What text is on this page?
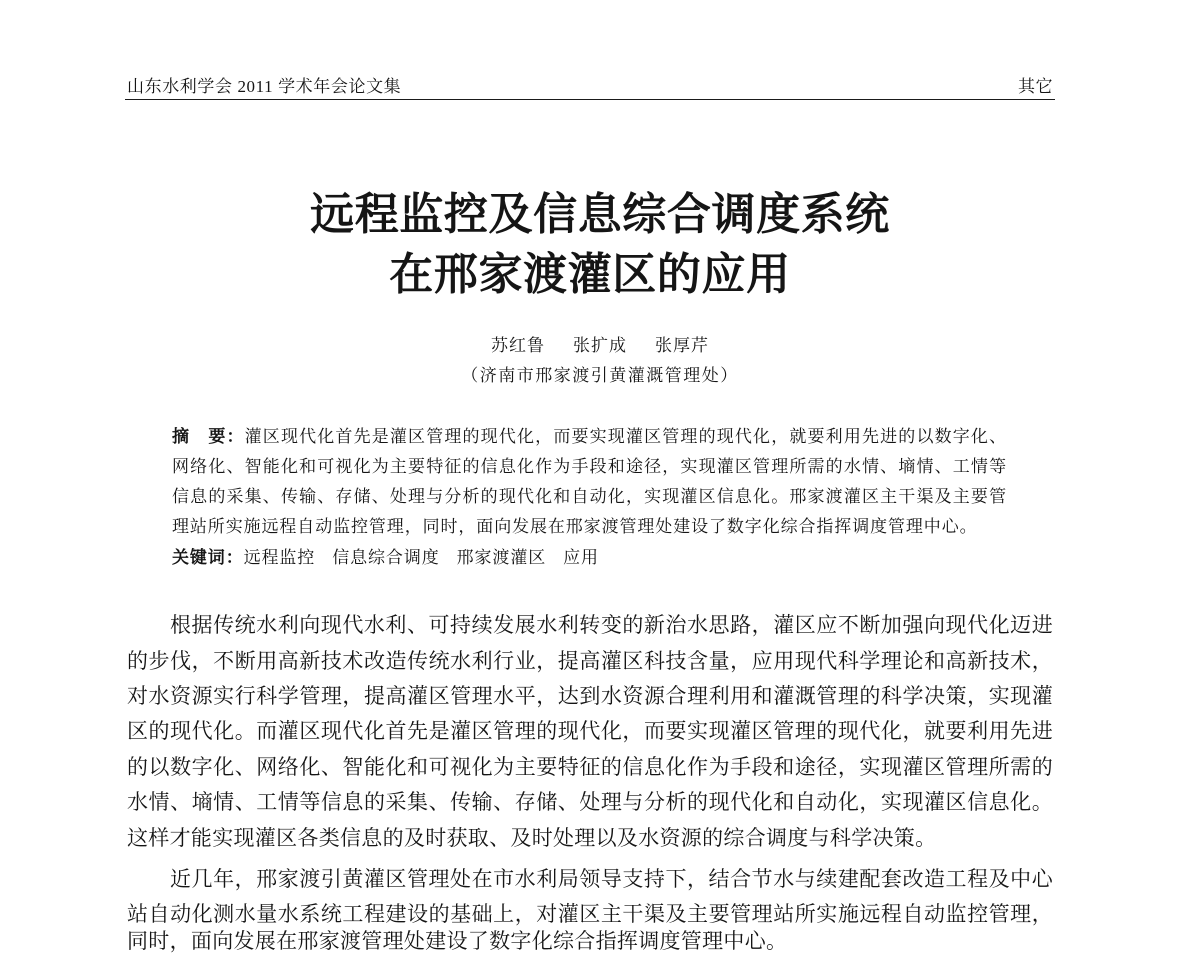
山东水利学会 2011 学术年会论文集	其它
远程监控及信息综合调度系统
在邢家渡灌区的应用
苏红鲁 张扩成 张厚芹
（济南市邢家渡引黄灌溉管理处）
摘　要：灌区现代化首先是灌区管理的现代化，而要实现灌区管理的现代化，就要利用先进的以数字化、
网络化、智能化和可视化为主要特征的信息化作为手段和途径，实现灌区管理所需的水情、墒情、工情等
信息的采集、传输、存储、处理与分析的现代化和自动化，实现灌区信息化。邢家渡灌区主干渠及主要管
理站所实施远程自动监控管理，同时，面向发展在邢家渡管理处建设了数字化综合指挥调度管理中心。
关键词：远程监控 信息综合调度 邢家渡灌区 应用
根据传统水利向现代水利、可持续发展水利转变的新治水思路，灌区应不断加强向现代化迈进
的步伐，不断用高新技术改造传统水利行业，提高灌区科技含量，应用现代科学理论和高新技术，
对水资源实行科学管理，提高灌区管理水平，达到水资源合理利用和灌溉管理的科学决策，实现灌
区的现代化。而灌区现代化首先是灌区管理的现代化，而要实现灌区管理的现代化，就要利用先进
的以数字化、网络化、智能化和可视化为主要特征的信息化作为手段和途径，实现灌区管理所需的
水情、墒情、工情等信息的采集、传输、存储、处理与分析的现代化和自动化，实现灌区信息化。
这样才能实现灌区各类信息的及时获取、及时处理以及水资源的综合调度与科学决策。
近几年，邢家渡引黄灌区管理处在市水利局领导支持下，结合节水与续建配套改造工程及中心
站自动化测水量水系统工程建设的基础上，对灌区主干渠及主要管理站所实施远程自动监控管理，
同时，面向发展在邢家渡管理处建设了数字化综合指挥调度管理中心。
